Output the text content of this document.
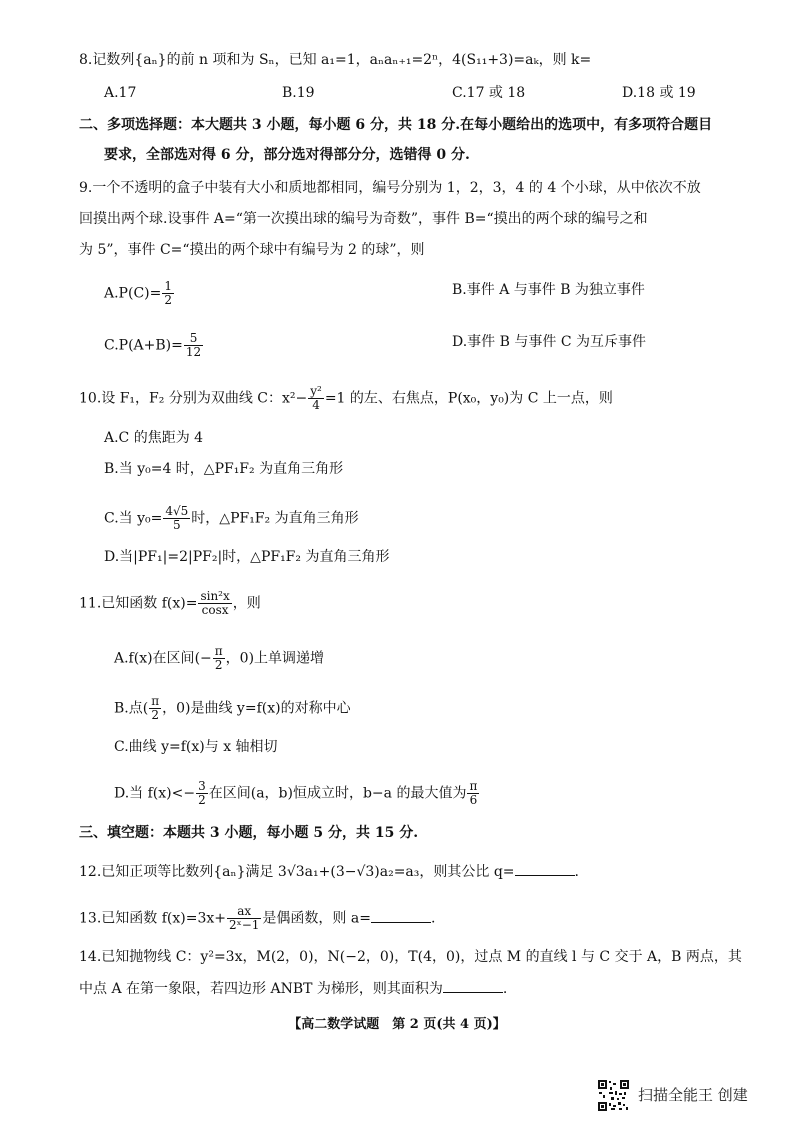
8.记数列{aₙ}的前 n 项和为 Sₙ，已知 a₁=1，aₙaₙ₊₁=2ⁿ，4(S₁₁+3)=aₖ，则 k=
A.17	B.19	C.17 或 18	D.18 或 19
二、多项选择题：本大题共 3 小题，每小题 6 分，共 18 分.在每小题给出的选项中，有多项符合题目
要求，全部选对得 6 分，部分选对得部分分，选错得 0 分.
9.一个不透明的盒子中装有大小和质地都相同，编号分别为 1，2，3，4 的 4 个小球，从中依次不放
回摸出两个球.设事件 A=“第一次摸出球的编号为奇数”，事件 B=“摸出的两个球的编号之和
为 5”，事件 C=“摸出的两个球中有编号为 2 的球”，则
$A.P(C)= \frac{1}{2}$	B.事件 A 与事件 B 为独立事件
$C.P(A+B)= \frac{5}{12}$	D.事件 B 与事件 C 为互斥事件
10.设 F₁，F₂ 分别为双曲线 C：$x^2- \frac{\text{y²}}{4} =1$ 的左、右焦点，P(x₀，y₀)为 C 上一点，则
A.C 的焦距为 4
B.当 y₀=4 时，△PF₁F₂ 为直角三角形
C.当 $y_0= \frac{4√5}{5}$ 时，△PF₁F₂ 为直角三角形
D.当|PF₁|=2|PF₂|时，△PF₁F₂ 为直角三角形
11.已知函数 $f(x)= \frac{\text{sin²x}}{\cos x}$ ，则
A.f(x)在区间(− $\frac{\pi}{2}$ ，0)上单调递增
B.点( $\frac{\pi}{2}$ ，0)是曲线 y=f(x)的对称中心
C.曲线 y=f(x)与 x 轴相切
D.当 $f(x)<- \frac{3}{2}$ 在区间(a，b)恒成立时，b−a 的最大值为 $\frac{\pi}{6}$
三、填空题：本题共 3 小题，每小题 5 分，共 15 分.
12.已知正项等比数列{aₙ}满足 3√3a₁+(3−√3)a₂=a₃，则其公比 q=	.
13.已知函数 $f(x)=3x+ \frac{ax}{\text{2ˣ−1}}$ 是偶函数，则 a=	.
14.已知抛物线 C：y²=3x，M(2，0)，N(−2，0)，T(4，0)，过点 M 的直线 l 与 C 交于 A，B 两点，其
中点 A 在第一象限，若四边形 ANBT 为梯形，则其面积为	.
【高二数学试题　第 2 页(共 4 页)】
扫描全能王 创建
